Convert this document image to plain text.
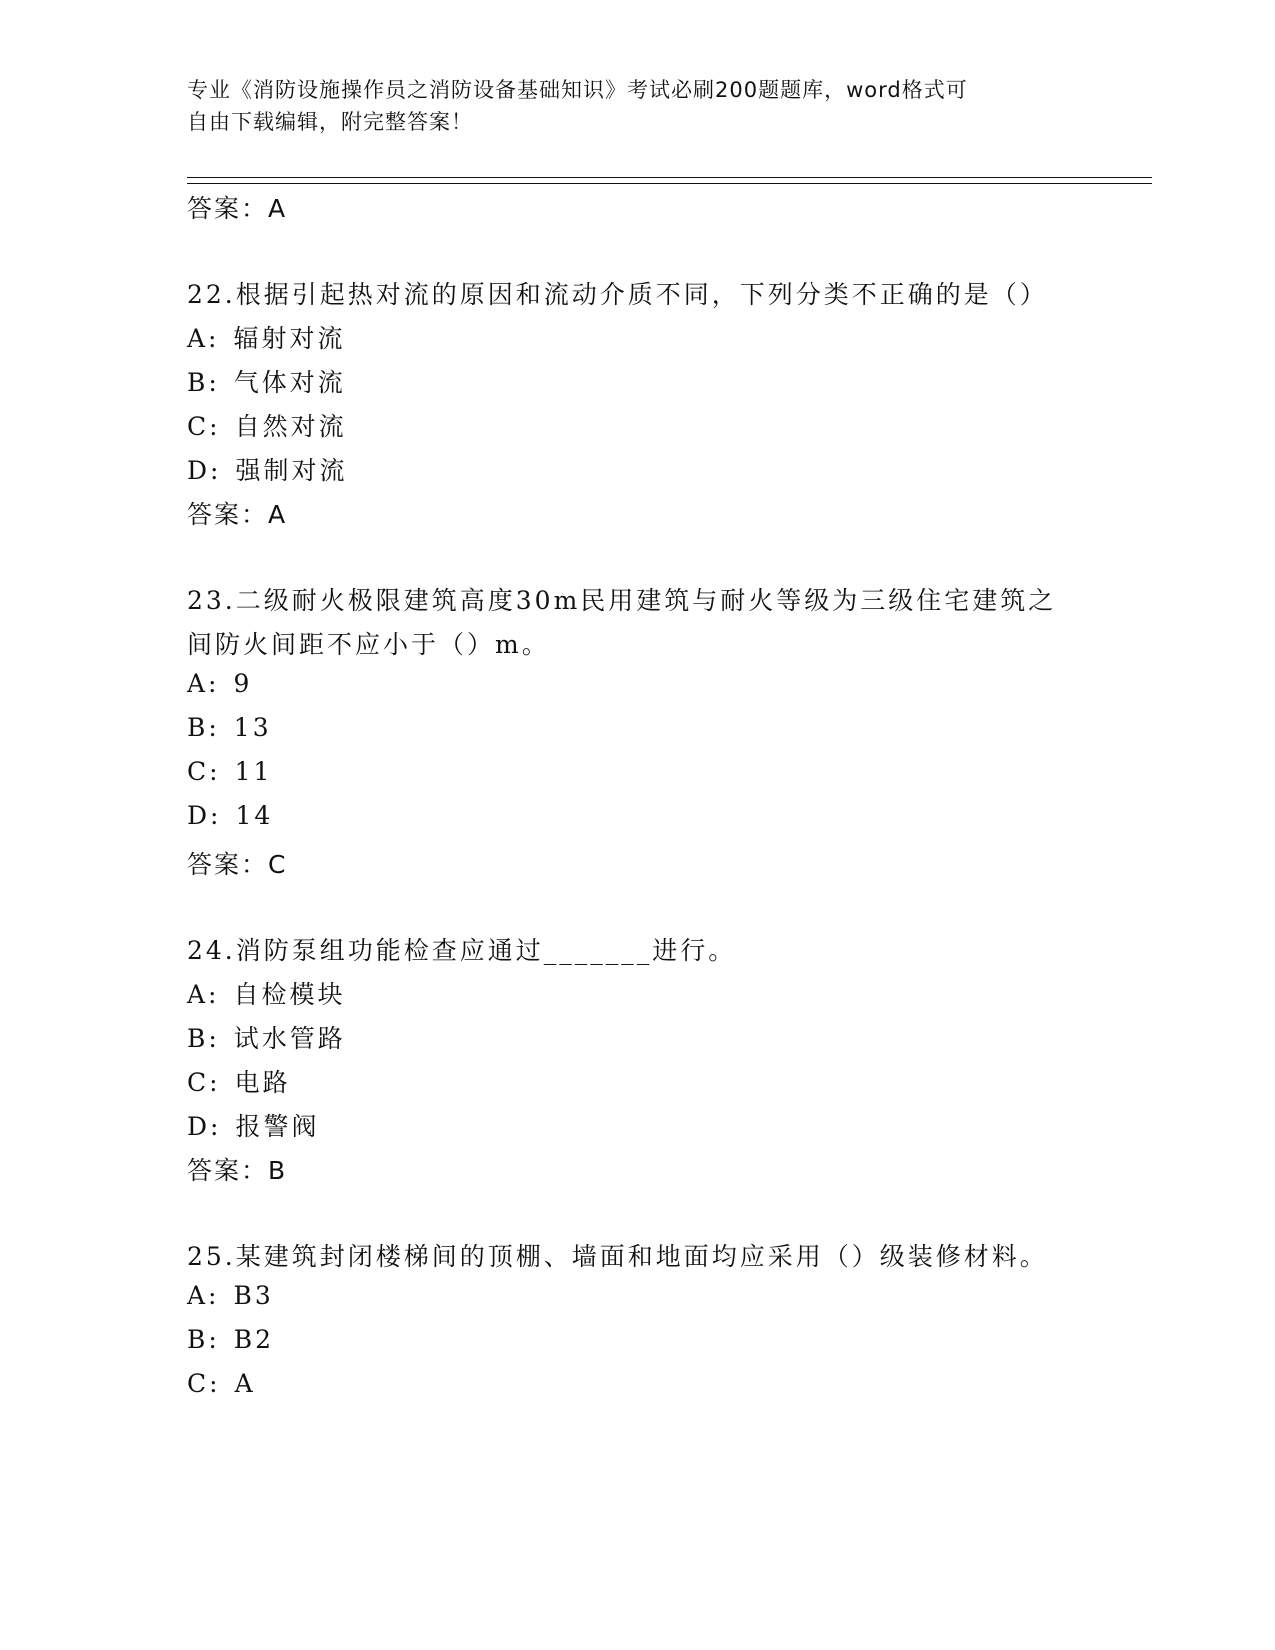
专业《消防设施操作员之消防设备基础知识》考试必刷200题题库，word格式可
自由下载编辑，附完整答案！
答案：A
22.根据引起热对流的原因和流动介质不同，下列分类不正确的是（）
A: 辐射对流
B: 气体对流
C: 自然对流
D: 强制对流
答案：A
23.二级耐火极限建筑高度30m民用建筑与耐火等级为三级住宅建筑之
间防火间距不应小于（）m。
A: 9
B: 13
C: 11
D: 14
答案：C
24.消防泵组功能检查应通过_______进行。
A: 自检模块
B: 试水管路
C: 电路
D: 报警阀
答案：B
25.某建筑封闭楼梯间的顶棚、墙面和地面均应采用（）级装修材料。
A: B3
B: B2
C: A
